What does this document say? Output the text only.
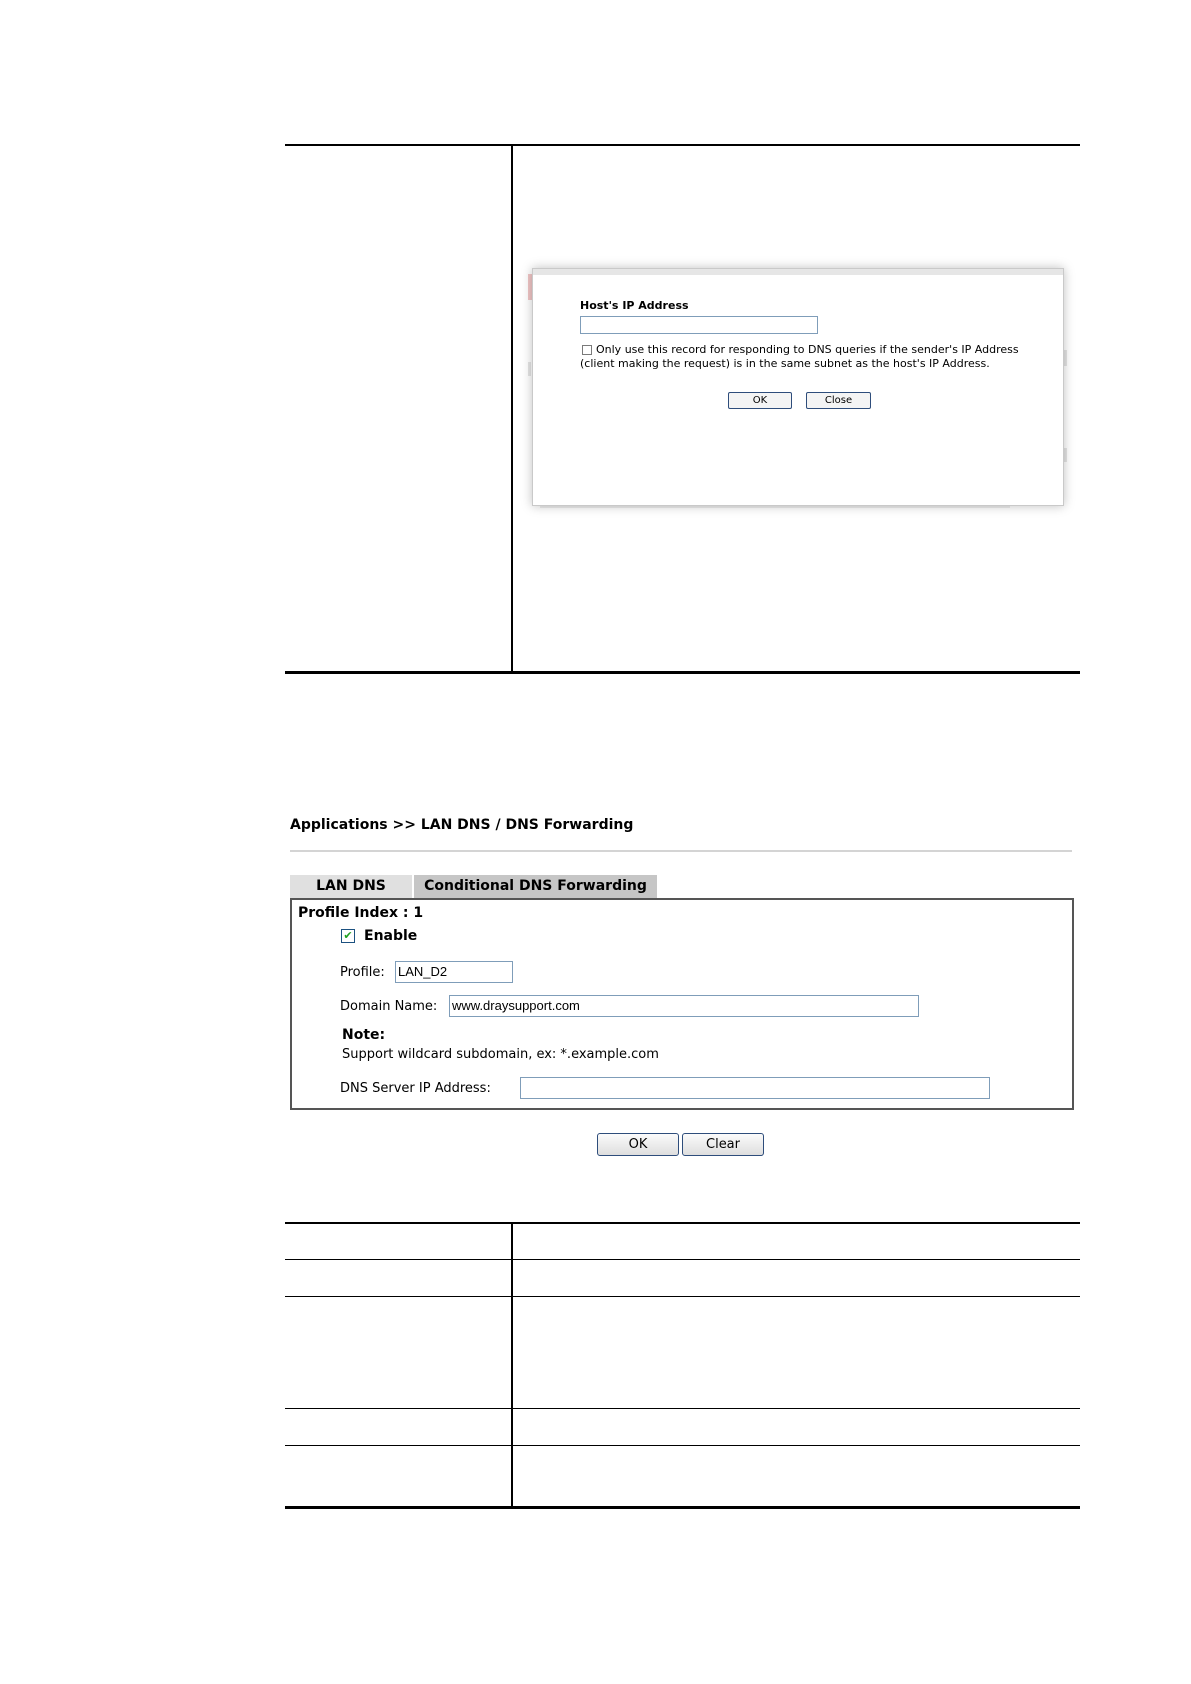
Host's IP Address
Only use this record for responding to DNS queries if the sender's IP Address (client making the request) is in the same subnet as the host's IP Address.
OK	Close
Applications >> LAN DNS / DNS Forwarding
LAN DNS	Conditional DNS Forwarding
Profile Index : 1
✔ Enable
Profile: LAN_D2
Domain Name: www.draysupport.com
Note:
Support wildcard subdomain, ex: *.example.com
DNS Server IP Address:
OK	Clear
